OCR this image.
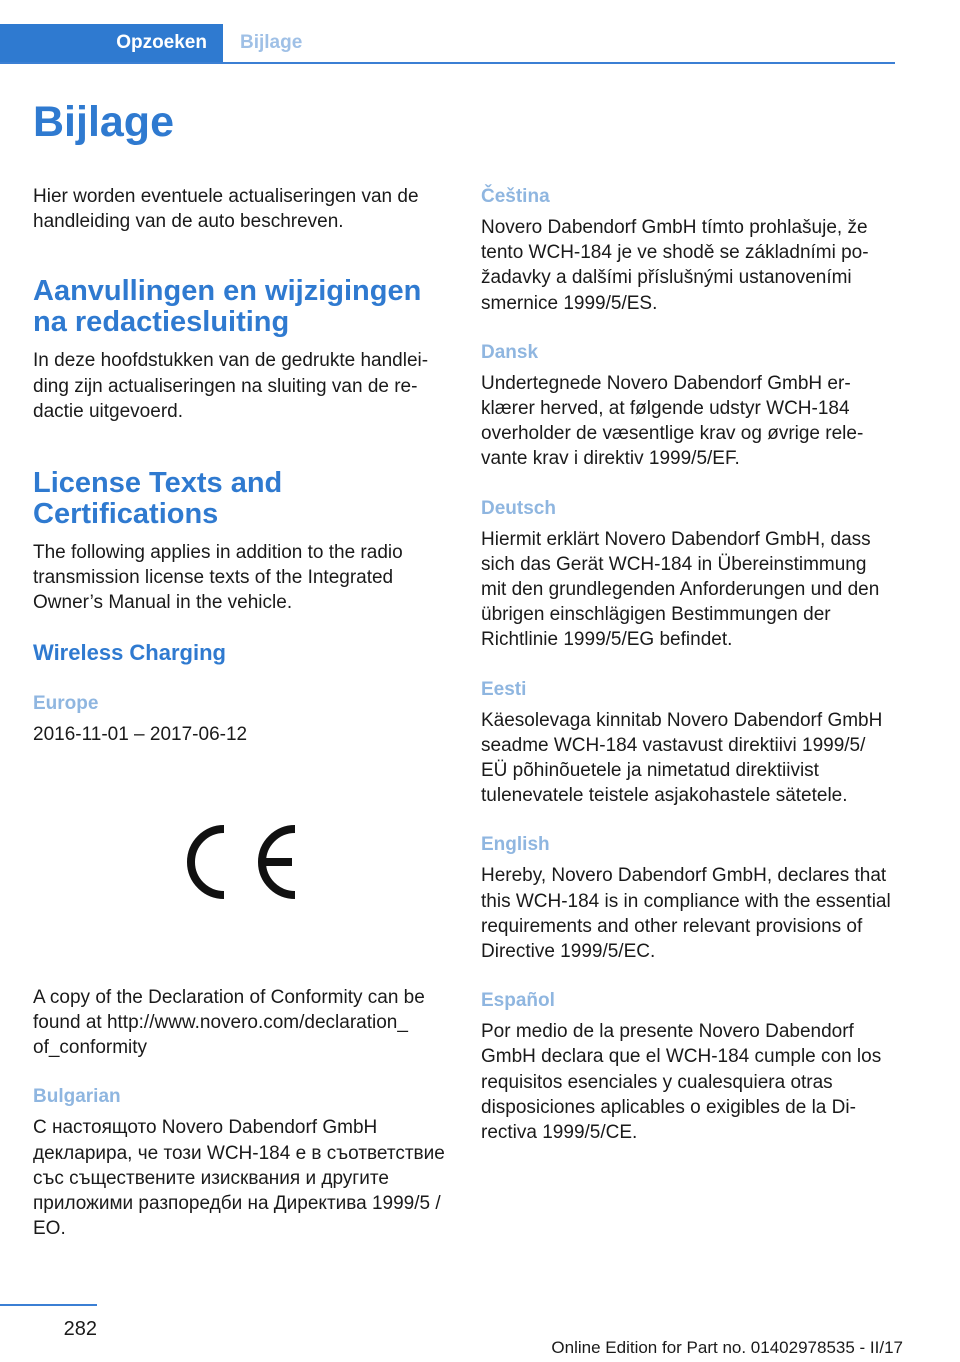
Opzoeken	Bijlage
Bijlage

Hier worden eventuele actualiseringen van de handleiding van de auto beschreven.

Aanvullingen en wijzigingen na redactiesluiting

In deze hoofdstukken van de gedrukte handleiding zijn actualiseringen na sluiting van de redactie uitgevoerd.

License Texts and Certifications

The following applies in addition to the radio transmission license texts of the Integrated Owner’s Manual in the vehicle.

Wireless Charging
Europe

2016-11-01 – 2017-06-12

A copy of the Declaration of Conformity can be found at http://www.novero.com/declaration_ of_conformity

Bulgarian

С настоящото Novero Dabendorf GmbH декларира, че този WCH-184 е в съответствие със съществените изисквания и другите приложими разпоредби на Директива 1999/5 / ЕО.

Čeština

Novero Dabendorf GmbH tímto prohlašuje, že tento WCH-184 je ve shodě se základními požadavky a dalšími příslušnými ustanoveními smernice 1999/5/ES.

Dansk

Undertegnede Novero Dabendorf GmbH erklærer herved, at følgende udstyr WCH-184 overholder de væsentlige krav og øvrige relevante krav i direktiv 1999/5/EF.

Deutsch

Hiermit erklärt Novero Dabendorf GmbH, dass sich das Gerät WCH-184 in Übereinstimmung mit den grundlegenden Anforderungen und den übrigen einschlägigen Bestimmungen der Richtlinie 1999/5/EG befindet.

Eesti

Käesolevaga kinnitab Novero Dabendorf GmbH seadme WCH-184 vastavust direktiivi 1999/5/ EÜ põhinõuetele ja nimetatud direktiivist tulenevatele teistele asjakohastele sätetele.

English

Hereby, Novero Dabendorf GmbH, declares that this WCH-184 is in compliance with the essential requirements and other relevant provisions of Directive 1999/5/EC.

Español

Por medio de la presente Novero Dabendorf GmbH declara que el WCH-184 cumple con los requisitos esenciales y cualesquiera otras disposiciones aplicables o exigibles de la Directiva 1999/5/CE.

282
Online Edition for Part no. 01402978535 - II/17
